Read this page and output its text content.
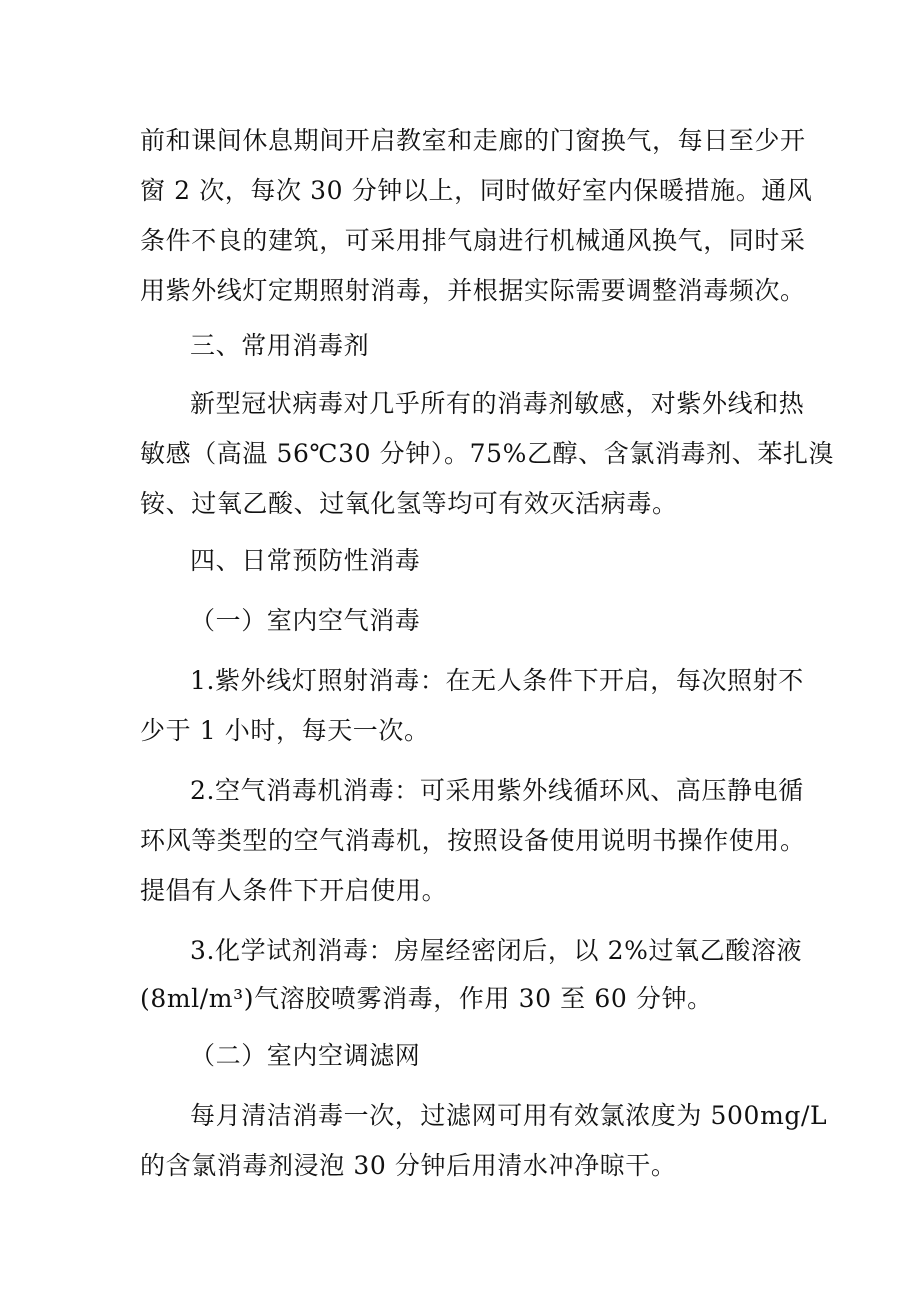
前和课间休息期间开启教室和走廊的门窗换气，每日至少开
窗 2 次，每次 30 分钟以上，同时做好室内保暖措施。通风
条件不良的建筑，可采用排气扇进行机械通风换气，同时采
用紫外线灯定期照射消毒，并根据实际需要调整消毒频次。
三、常用消毒剂
新型冠状病毒对几乎所有的消毒剂敏感，对紫外线和热
敏感（高温 56℃30 分钟）。75%乙醇、含氯消毒剂、苯扎溴
铵、过氧乙酸、过氧化氢等均可有效灭活病毒。
四、日常预防性消毒
（一）室内空气消毒
1.紫外线灯照射消毒：在无人条件下开启，每次照射不
少于 1 小时，每天一次。
2.空气消毒机消毒：可采用紫外线循环风、高压静电循
环风等类型的空气消毒机，按照设备使用说明书操作使用。
提倡有人条件下开启使用。
3.化学试剂消毒：房屋经密闭后，以 2%过氧乙酸溶液
(8ml/m³)气溶胶喷雾消毒，作用 30 至 60 分钟。
（二）室内空调滤网
每月清洁消毒一次，过滤网可用有效氯浓度为 500mg/L
的含氯消毒剂浸泡 30 分钟后用清水冲净晾干。
